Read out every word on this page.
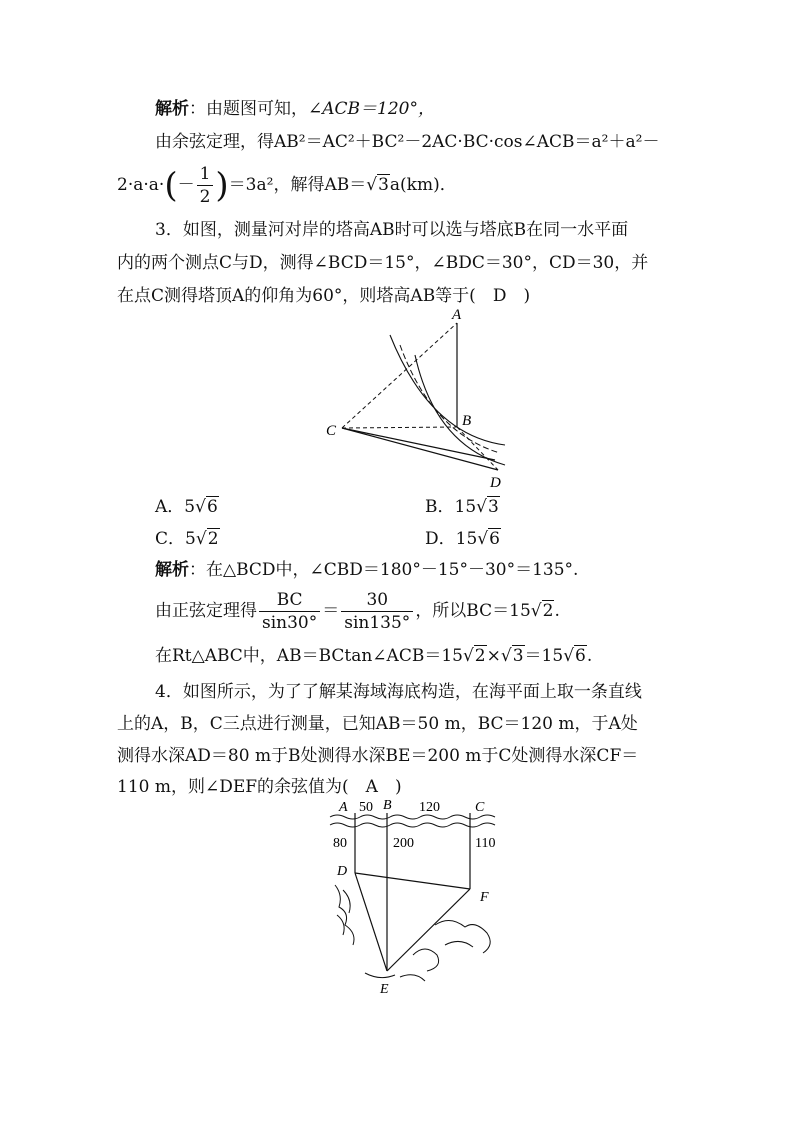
解析：由题图可知，∠ACB＝120°，
由余弦定理，得AB²＝AC²＋BC²－2AC·BC·cos∠ACB＝a²＋a²－
$2\cdot a\cdot a\cdot(- \frac{1}{2} )=3a^2$，解得AB＝√3a(km)．
3．如图，测量河对岸的塔高AB时可以选与塔底B在同一水平面
内的两个测点C与D，测得∠BCD＝15°，∠BDC＝30°，CD＝30，并
在点C测得塔顶A的仰角为60°，则塔高AB等于(　D　)
A
B
C
D
A．5√6	B．15√3
C．5√2	D．15√6
解析：在△BCD中，∠CBD＝180°－15°－30°＝135°.
由正弦定理得 $\frac{BC}{\sin 30^\circ} = \frac{30}{\sin 135^\circ}$ ，所以BC＝15√2.
在Rt△ABC中，AB＝BCtan∠ACB＝15√2×√3＝15√6.
4．如图所示，为了了解某海域海底构造，在海平面上取一条直线
上的A，B，C三点进行测量，已知AB＝50 m，BC＝120 m，于A处
测得水深AD＝80 m于B处测得水深BE＝200 m于C处测得水深CF＝
110 m，则∠DEF的余弦值为(　A　)
A 50 B 120	C
80	200	110
D
F
E
